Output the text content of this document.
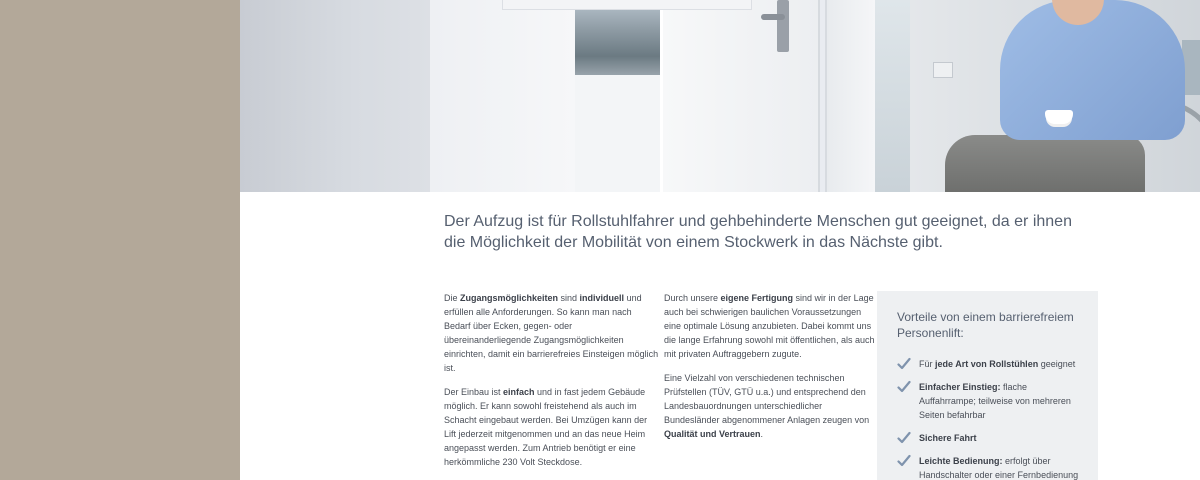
Der Aufzug ist für Rollstuhlfahrer und gehbehinderte Menschen gut geeignet, da er ihnen die Möglichkeit der Mobilität von einem Stockwerk in das Nächste gibt.

Die Zugangsmöglichkeiten sind individuell und erfüllen alle Anforderungen. So kann man nach Bedarf über Ecken, gegen- oder übereinanderliegende Zugangsmöglichkeiten einrichten, damit ein barrierefreies Einsteigen möglich ist.

Der Einbau ist einfach und in fast jedem Gebäude möglich. Er kann sowohl freistehend als auch im Schacht eingebaut werden. Bei Umzügen kann der Lift jederzeit mitgenommen und an das neue Heim angepasst werden. Zum Antrieb benötigt er eine herkömmliche 230 Volt Steckdose.

Durch unsere eigene Fertigung sind wir in der Lage auch bei schwierigen baulichen Voraussetzungen eine optimale Lösung anzubieten. Dabei kommt uns die lange Erfahrung sowohl mit öffentlichen, als auch mit privaten Auftraggebern zugute.

Eine Vielzahl von verschiedenen technischen Prüfstellen (TÜV, GTÜ u.a.) und entsprechend den Landesbauordnungen unterschiedlicher Bundesländer abgenommener Anlagen zeugen von Qualität und Vertrauen.

Vorteile von einem barrierefreiem Personenlift:
Für jede Art von Rollstühlen geeignet
Einfacher Einstieg: flache Auffahrrampe; teilweise von mehreren Seiten befahrbar
Sichere Fahrt
Leichte Bedienung: erfolgt über Handschalter oder einer Fernbedienung
